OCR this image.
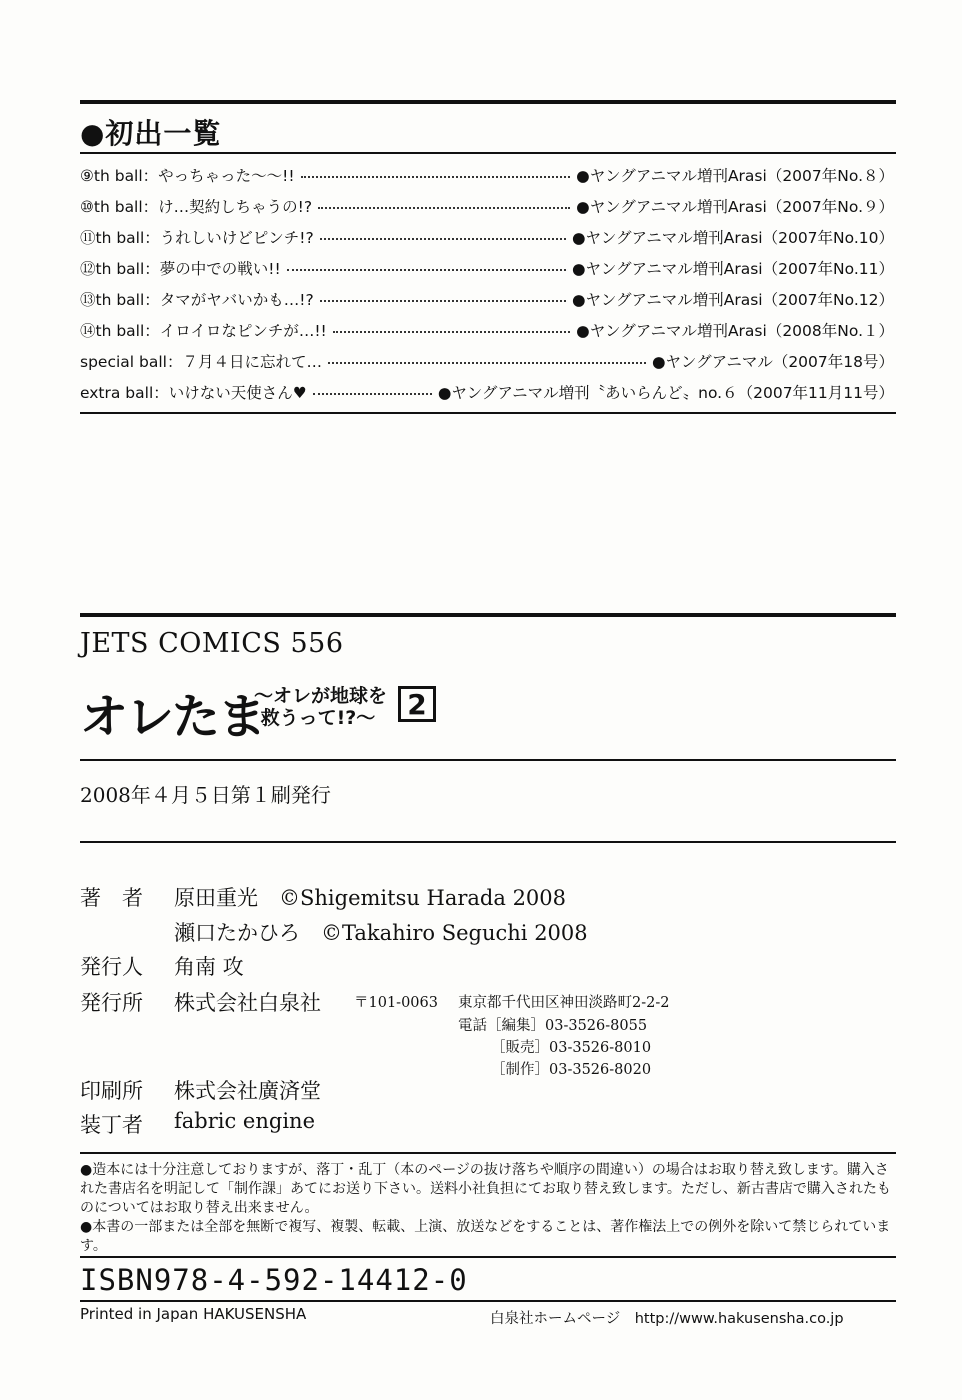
●初出一覧
⑨th ball：やっちゃった〜〜!!	●ヤングアニマル増刊Arasi（2007年No.８）
⑩th ball：け…契約しちゃうの!?	●ヤングアニマル増刊Arasi（2007年No.９）
⑪th ball：うれしいけどピンチ!?	●ヤングアニマル増刊Arasi（2007年No.10）
⑫th ball：夢の中での戦い!!	●ヤングアニマル増刊Arasi（2007年No.11）
⑬th ball：タマがヤバいかも…!?	●ヤングアニマル増刊Arasi（2007年No.12）
⑭th ball：イロイロなピンチが…!!	●ヤングアニマル増刊Arasi（2008年No.１）
special ball：７月４日に忘れて…	●ヤングアニマル（2007年18号）
extra ball：いけない天使さん♥	●ヤングアニマル増刊〝あいらんど〟no.６（2007年11月11号）
JETS COMICS 556
オレたま
〜オレが地球を
救うって!?〜	2
2008年４月５日第１刷発行
著　者 原田重光　©Shigemitsu Harada 2008
瀬口たかひろ　©Takahiro Seguchi 2008
発行人 角南 攻
発行所 株式会社白泉社 〒101-0063 東京都千代田区神田淡路町2-2-2
電話［編集］03-3526-8055
［販売］03-3526-8010
［制作］03-3526-8020
印刷所 株式会社廣済堂
装丁者 fabric engine

●造本には十分注意しておりますが、落丁・乱丁（本のページの抜け落ちや順序の間違い）の場合はお取り替え致します。購入された書店名を明記して「制作課」あてにお送り下さい。送料小社負担にてお取り替え致します。ただし、新古書店で購入されたものについてはお取り替え出来ません。

●本書の一部または全部を無断で複写、複製、転載、上演、放送などをすることは、著作権法上での例外を除いて禁じられています。

ISBN978-4-592-14412-0
Printed in Japan HAKUSENSHA	白泉社ホームページ　http://www.hakusensha.co.jp
